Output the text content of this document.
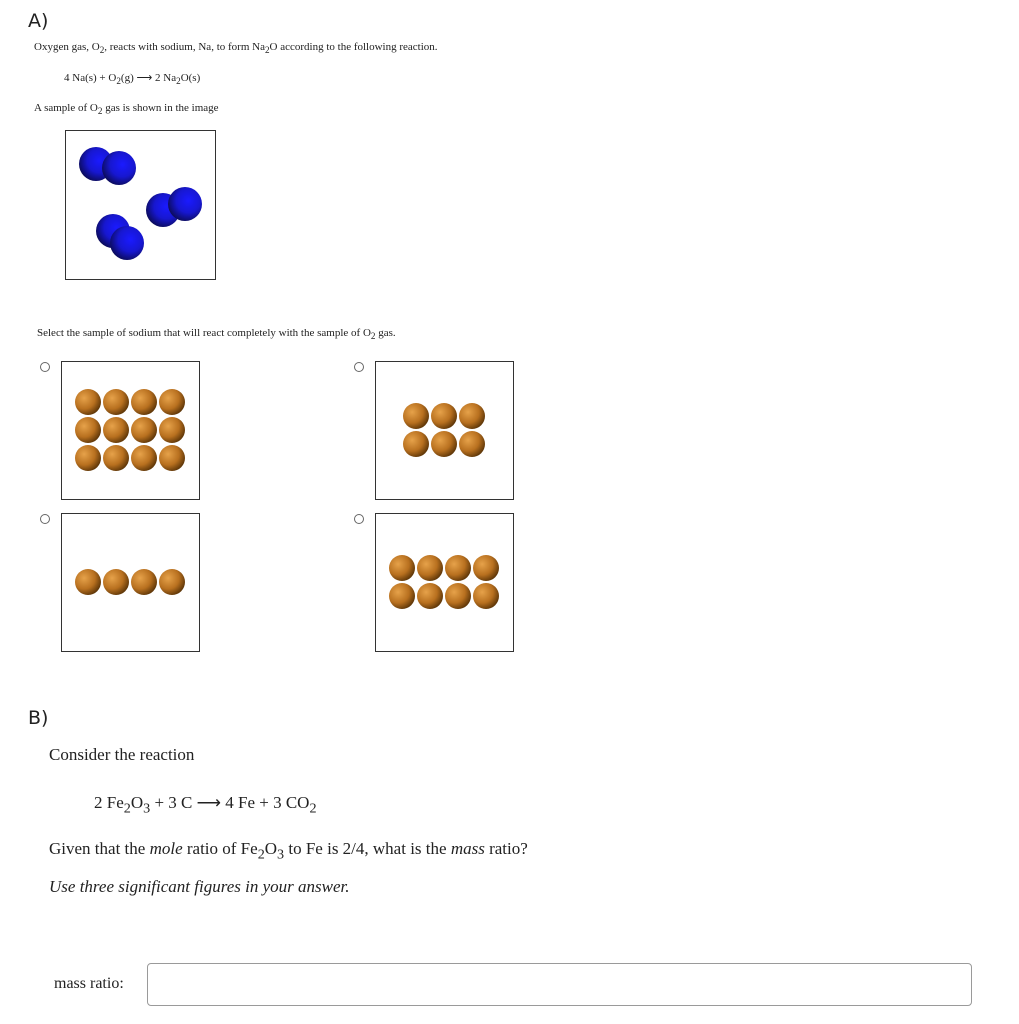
A)
Oxygen gas, $O_2$, reacts with sodium, Na, to form $Na_2O$ according to the following reaction.
4 $Na(s) + O_2(g)$ ⟶ 2 $Na_2O(s)$
A sample of $O_2$ gas is shown in the image
Select the sample of sodium that will react completely with the sample of $O_2$ gas.
B)
Consider the reaction
2 $Fe_2O_3 + 3$ C ⟶ 4 Fe + 3 $CO_2$
Given that the mole ratio of $Fe_2O_3$ to Fe is 2/4, what is the mass ratio?
Use three significant figures in your answer.
mass ratio:
